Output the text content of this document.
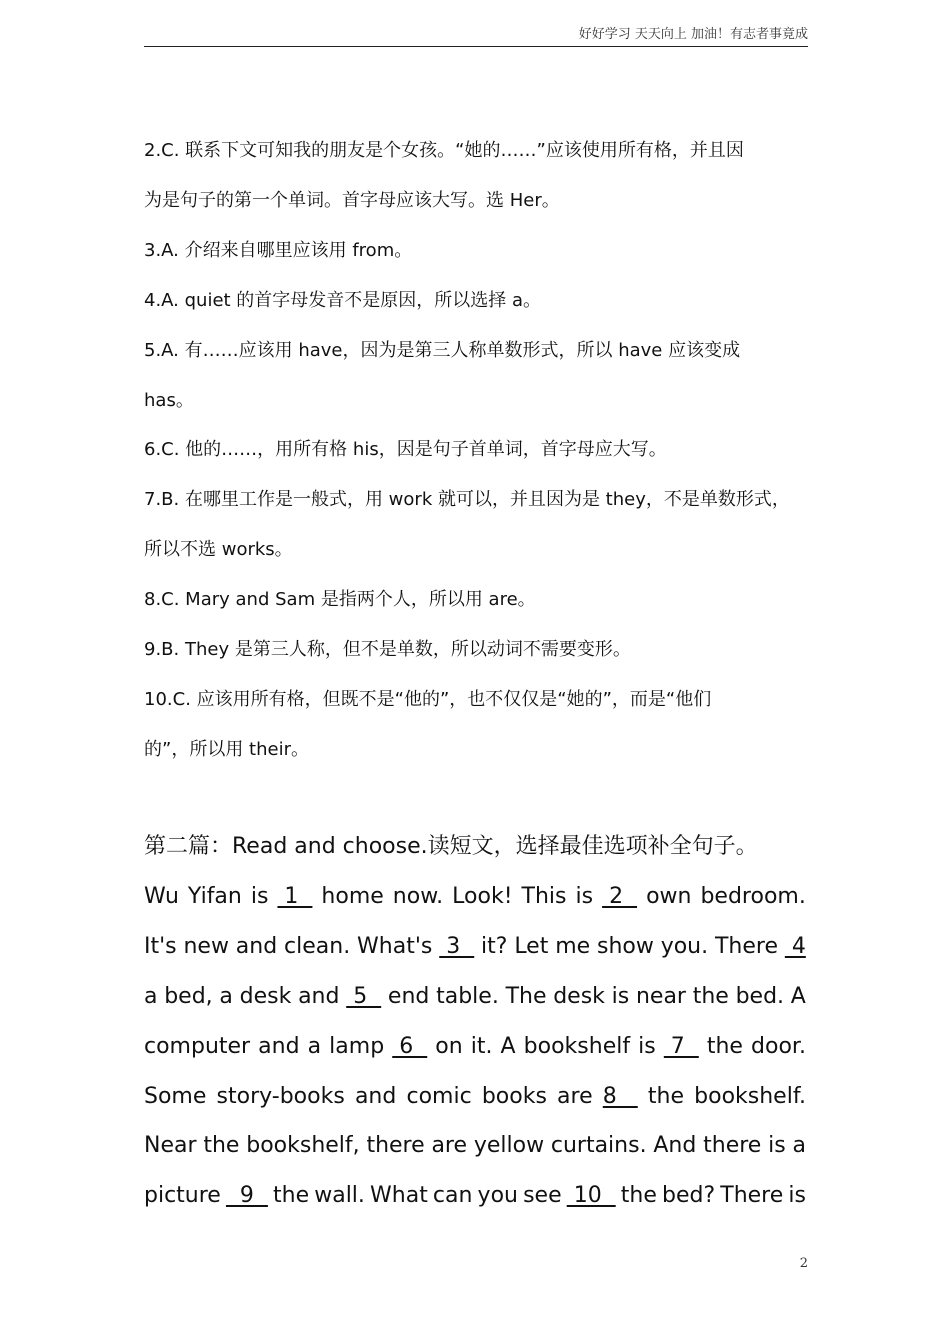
好好学习 天天向上 加油！有志者事竟成

2.C. 联系下文可知我的朋友是个女孩。“她的……”应该使用所有格，并且因

为是句子的第一个单词。首字母应该大写。选 Her。

3.A. 介绍来自哪里应该用 from。

4.A. quiet 的首字母发音不是原因，所以选择 a。

5.A. 有……应该用 have，因为是第三人称单数形式，所以 have 应该变成

has。

6.C. 他的……，用所有格 his，因是句子首单词，首字母应大写。

7.B. 在哪里工作是一般式，用 work 就可以，并且因为是 they，不是单数形式，

所以不选 works。

8.C. Mary and Sam 是指两个人，所以用 are。

9.B. They 是第三人称，但不是单数，所以动词不需要变形。

10.C. 应该用所有格，但既不是“他的”，也不仅仅是“她的”，而是“他们

的”，所以用 their。

第二篇：Read and choose.读短文，选择最佳选项补全句子。

Wu Yifan is 1 home now. Look! This is 2 own bedroom.
It's new and clean. What's 3 it? Let me show you. There 4
a bed, a desk and 5 end table. The desk is near the bed. A
computer and a lamp 6 on it. A bookshelf is 7 the door.
Some story-books and comic books are 8 the bookshelf.
Near the bookshelf, there are yellow curtains. And there is a
picture 9 the wall. What can you see 10 the bed? There is
2
